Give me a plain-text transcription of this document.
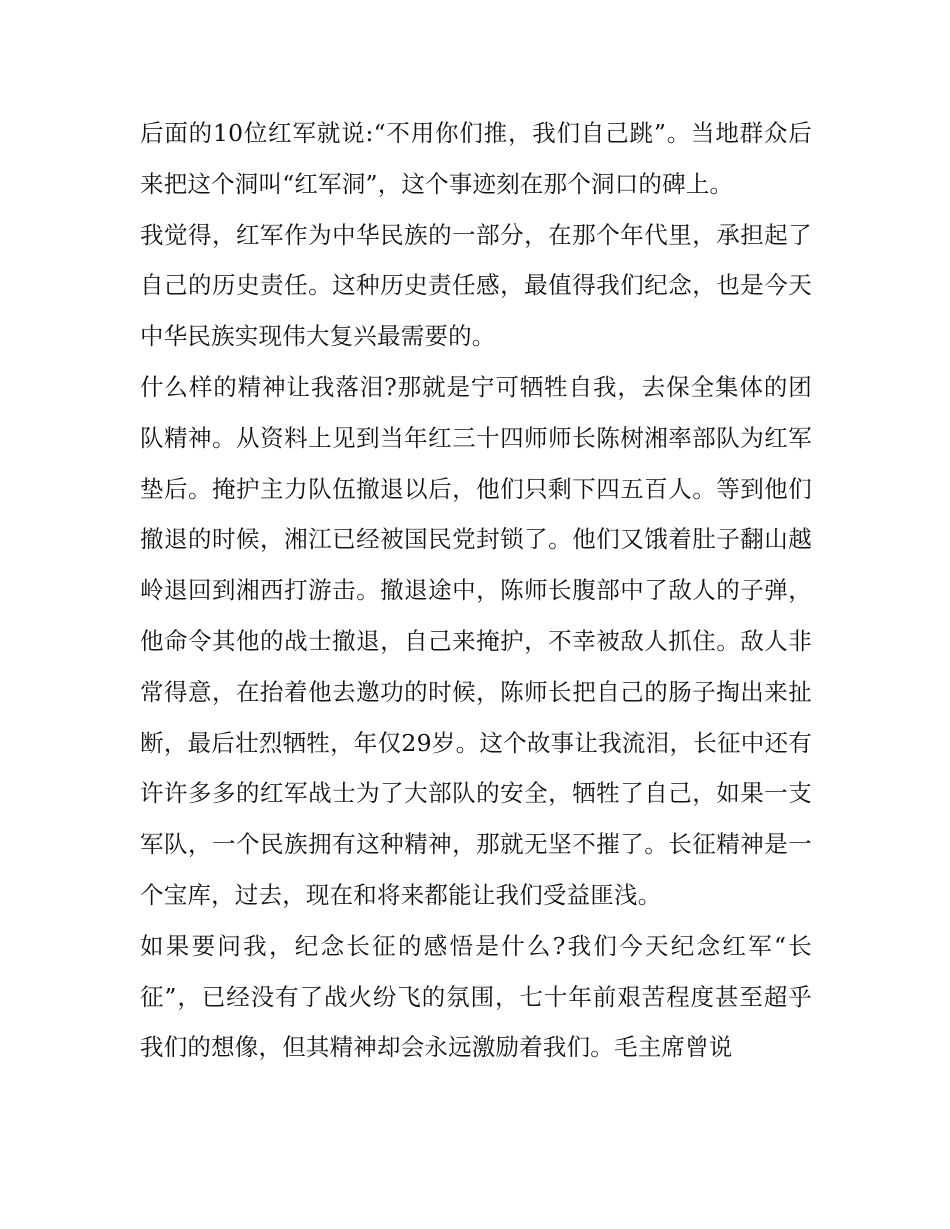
后面的10位红军就说:“不用你们推，我们自己跳”。当地群众后来把这个洞叫“红军洞”，这个事迹刻在那个洞口的碑上。

我觉得，红军作为中华民族的一部分，在那个年代里，承担起了自己的历史责任。这种历史责任感，最值得我们纪念，也是今天中华民族实现伟大复兴最需要的。

什么样的精神让我落泪?那就是宁可牺牲自我，去保全集体的团队精神。从资料上见到当年红三十四师师长陈树湘率部队为红军垫后。掩护主力队伍撤退以后，他们只剩下四五百人。等到他们撤退的时候，湘江已经被国民党封锁了。他们又饿着肚子翻山越岭退回到湘西打游击。撤退途中，陈师长腹部中了敌人的子弹，他命令其他的战士撤退，自己来掩护，不幸被敌人抓住。敌人非常得意，在抬着他去邀功的时候，陈师长把自己的肠子掏出来扯断，最后壮烈牺牲，年仅29岁。这个故事让我流泪，长征中还有许许多多的红军战士为了大部队的安全，牺牲了自己，如果一支军队，一个民族拥有这种精神，那就无坚不摧了。长征精神是一个宝库，过去，现在和将来都能让我们受益匪浅。

如果要问我，纪念长征的感悟是什么?我们今天纪念红军“长征”，已经没有了战火纷飞的氛围，七十年前艰苦程度甚至超乎我们的想像，但其精神却会永远激励着我们。毛主席曾说
